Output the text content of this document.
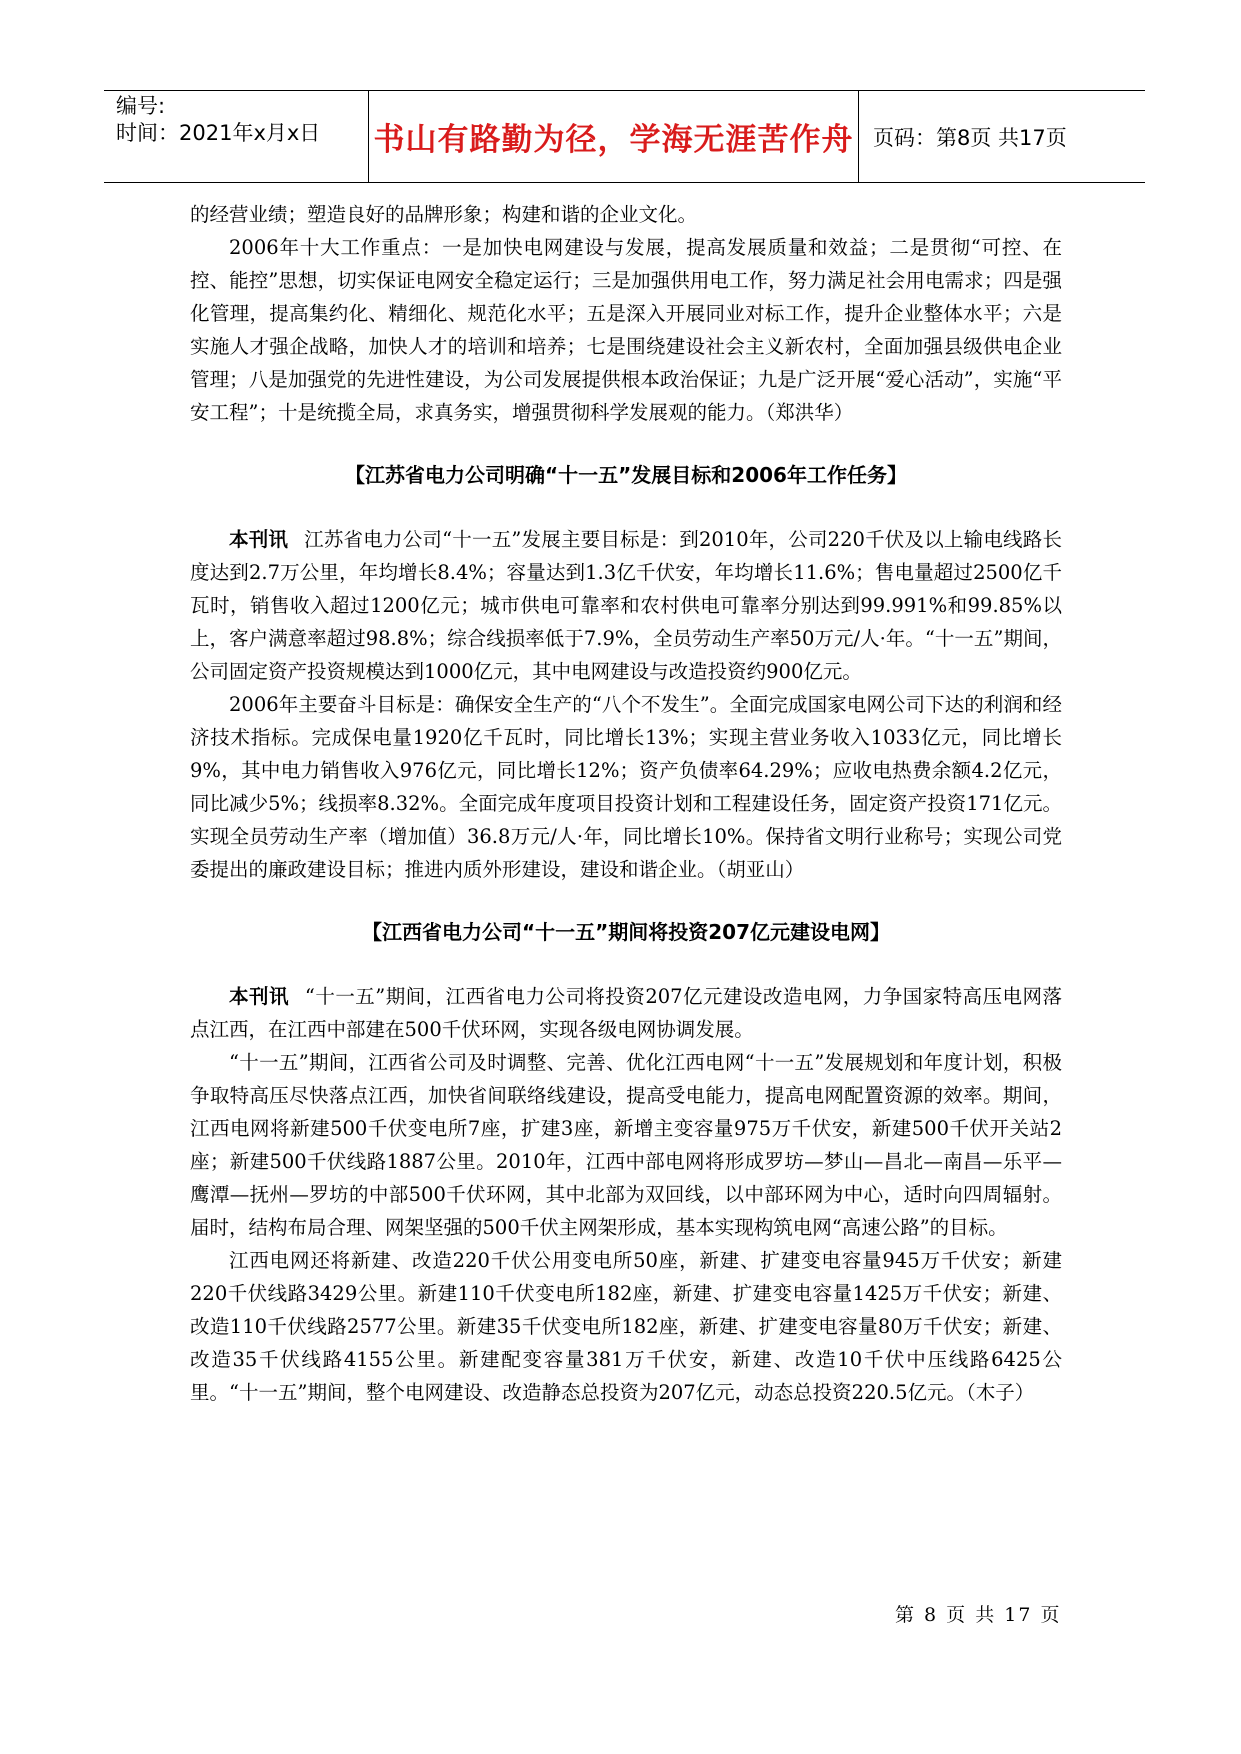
编号:
时间：2021年x月x日	书山有路勤为径，学海无涯苦作舟 页码：第8页 共17页

的经营业绩；塑造良好的品牌形象；构建和谐的企业文化。

2006年十大工作重点：一是加快电网建设与发展，提高发展质量和效益；二是贯彻“可控、在控、能控”思想，切实保证电网安全稳定运行；三是加强供用电工作，努力满足社会用电需求；四是强化管理，提高集约化、精细化、规范化水平；五是深入开展同业对标工作，提升企业整体水平；六是实施人才强企战略，加快人才的培训和培养；七是围绕建设社会主义新农村，全面加强县级供电企业管理；八是加强党的先进性建设，为公司发展提供根本政治保证；九是广泛开展“爱心活动”，实施“平安工程”；十是统揽全局，求真务实，增强贯彻科学发展观的能力。（郑洪华）

【江苏省电力公司明确“十一五”发展目标和2006年工作任务】

本刊讯 江苏省电力公司“十一五”发展主要目标是：到2010年，公司220千伏及以上输电线路长度达到2.7万公里，年均增长8.4%；容量达到1.3亿千伏安，年均增长11.6%；售电量超过2500亿千瓦时，销售收入超过1200亿元；城市供电可靠率和农村供电可靠率分别达到99.991%和99.85%以上，客户满意率超过98.8%；综合线损率低于7.9%，全员劳动生产率50万元/人·年。“十一五”期间，公司固定资产投资规模达到1000亿元，其中电网建设与改造投资约900亿元。

2006年主要奋斗目标是：确保安全生产的“八个不发生”。全面完成国家电网公司下达的利润和经济技术指标。完成保电量1920亿千瓦时，同比增长13%；实现主营业务收入1033亿元，同比增长9%，其中电力销售收入976亿元，同比增长12%；资产负债率64.29%；应收电热费余额4.2亿元，同比减少5%；线损率8.32%。全面完成年度项目投资计划和工程建设任务，固定资产投资171亿元。实现全员劳动生产率（增加值）36.8万元/人·年，同比增长10%。保持省文明行业称号；实现公司党委提出的廉政建设目标；推进内质外形建设，建设和谐企业。（胡亚山）

【江西省电力公司“十一五”期间将投资207亿元建设电网】

本刊讯 “十一五”期间，江西省电力公司将投资207亿元建设改造电网，力争国家特高压电网落点江西，在江西中部建在500千伏环网，实现各级电网协调发展。

“十一五”期间，江西省公司及时调整、完善、优化江西电网“十一五”发展规划和年度计划，积极争取特高压尽快落点江西，加快省间联络线建设，提高受电能力，提高电网配置资源的效率。期间，江西电网将新建500千伏变电所7座，扩建3座，新增主变容量975万千伏安，新建500千伏开关站2座；新建500千伏线路1887公里。2010年，江西中部电网将形成罗坊—梦山—昌北—南昌—乐平—鹰潭—抚州—罗坊的中部500千伏环网，其中北部为双回线，以中部环网为中心，适时向四周辐射。届时，结构布局合理、网架坚强的500千伏主网架形成，基本实现构筑电网“高速公路”的目标。

江西电网还将新建、改造220千伏公用变电所50座，新建、扩建变电容量945万千伏安；新建220千伏线路3429公里。新建110千伏变电所182座，新建、扩建变电容量1425万千伏安；新建、改造110千伏线路2577公里。新建35千伏变电所182座，新建、扩建变电容量80万千伏安；新建、改造35千伏线路4155公里。新建配变容量381万千伏安，新建、改造10千伏中压线路6425公里。“十一五”期间，整个电网建设、改造静态总投资为207亿元，动态总投资220.5亿元。（木子）

第 8 页 共 17 页
